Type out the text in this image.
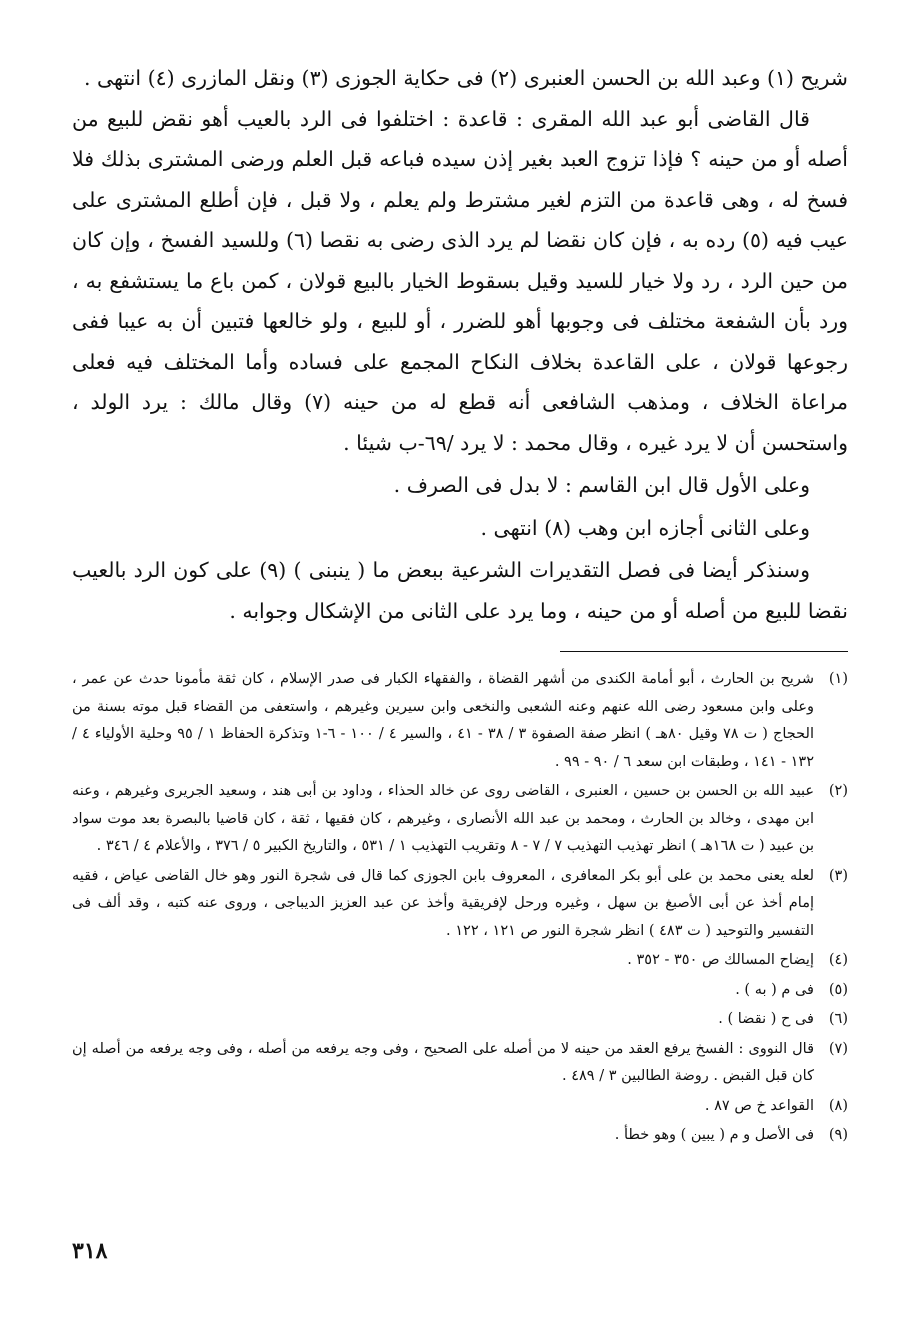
شريح (١) وعبد الله بن الحسن العنبرى (٢) فى حكاية الجوزى (٣) ونقل المازرى (٤) انتهى .

قال القاضى أبو عبد الله المقرى : قاعدة : اختلفوا فى الرد بالعيب أهو نقض للبيع من أصله أو من حينه ؟ فإذا تزوج العبد بغير إذن سيده فباعه قبل العلم ورضى المشترى بذلك فلا فسخ له ، وهى قاعدة من التزم لغير مشترط ولم يعلم ، ولا قبل ، فإن أطلع المشترى على عيب فيه (٥) رده به ، فإن كان نقضا لم يرد الذى رضى به نقصا (٦) وللسيد الفسخ ، وإن كان من حين الرد ، رد ولا خيار للسيد وقيل بسقوط الخيار بالبيع قولان ، كمن باع ما يستشفع به ، ورد بأن الشفعة مختلف فى وجوبها أهو للضرر ، أو للبيع ، ولو خالعها فتبين أن به عيبا ففى رجوعها قولان ، على القاعدة بخلاف النكاح المجمع على فساده وأما المختلف فيه فعلى مراعاة الخلاف ، ومذهب الشافعى أنه قطع له من حينه (٧) وقال مالك : يرد الولد ، واستحسن أن لا يرد غيره ، وقال محمد : لا يرد /٦٩-ب شيئا .

وعلى الأول قال ابن القاسم : لا بدل فى الصرف .

وعلى الثانى أجازه ابن وهب (٨) انتهى .

وسنذكر أيضا فى فصل التقديرات الشرعية ببعض ما ( ينبنى ) (٩) على كون الرد بالعيب نقضا للبيع من أصله أو من حينه ، وما يرد على الثانى من الإشكال وجوابه .

(١)
شريح بن الحارث ، أبو أمامة الكندى من أشهر القضاة ، والفقهاء الكبار فى صدر الإسلام ، كان ثقة مأمونا حدث عن عمر ، وعلى وابن مسعود رضى الله عنهم وعنه الشعبى والنخعى وابن سيرين وغيرهم ، واستعفى من القضاء قبل موته بسنة من الحجاج ( ت ٧٨ وقيل ٨٠هـ ) انظر صفة الصفوة ٣ / ٣٨ - ٤١ ، والسير ٤ / ١٠٠ - ٦-١ وتذكرة الحفاظ ١ / ٩٥ وحلية الأولياء ٤ / ١٣٢ - ١٤١ ، وطبقات ابن سعد ٦ / ٩٠ - ٩٩ .
(٢)
عبيد الله بن الحسن بن حسين ، العنبرى ، القاضى روى عن خالد الحذاء ، وداود بن أبى هند ، وسعيد الجريرى وغيرهم ، وعنه ابن مهدى ، وخالد بن الحارث ، ومحمد بن عبد الله الأنصارى ، وغيرهم ، كان فقيها ، ثقة ، كان قاضيا بالبصرة بعد موت سواد بن عبيد ( ت ١٦٨هـ ) انظر تهذيب التهذيب ٧ / ٧ - ٨ وتقريب التهذيب ١ / ٥٣١ ، والتاريخ الكبير ٥ / ٣٧٦ ، والأعلام ٤ / ٣٤٦ .
(٣)
لعله يعنى محمد بن على أبو بكر المعافرى ، المعروف بابن الجوزى كما قال فى شجرة النور وهو خال القاضى عياض ، فقيه إمام أخذ عن أبى الأصبغ بن سهل ، وغيره ورحل لإفريقية وأخذ عن عبد العزيز الديباجى ، وروى عنه كتبه ، وقد ألف فى التفسير والتوحيد ( ت ٤٨٣ ) انظر شجرة النور ص ١٢١ ، ١٢٢ .
(٤)
إيضاح المسالك ص ٣٥٠ - ٣٥٢ .
(٥)
فى م ( به ) .
(٦)
فى ح ( نقضا ) .
(٧)
قال النووى : الفسخ يرفع العقد من حينه لا من أصله على الصحيح ، وفى وجه يرفعه من أصله ، وفى وجه يرفعه من أصله إن كان قبل القبض . روضة الطالبين ٣ / ٤٨٩ .
(٨)
القواعد خ ص ٨٧ .
(٩)
فى الأصل و م ( يبين ) وهو خطأ .
٣١٨
